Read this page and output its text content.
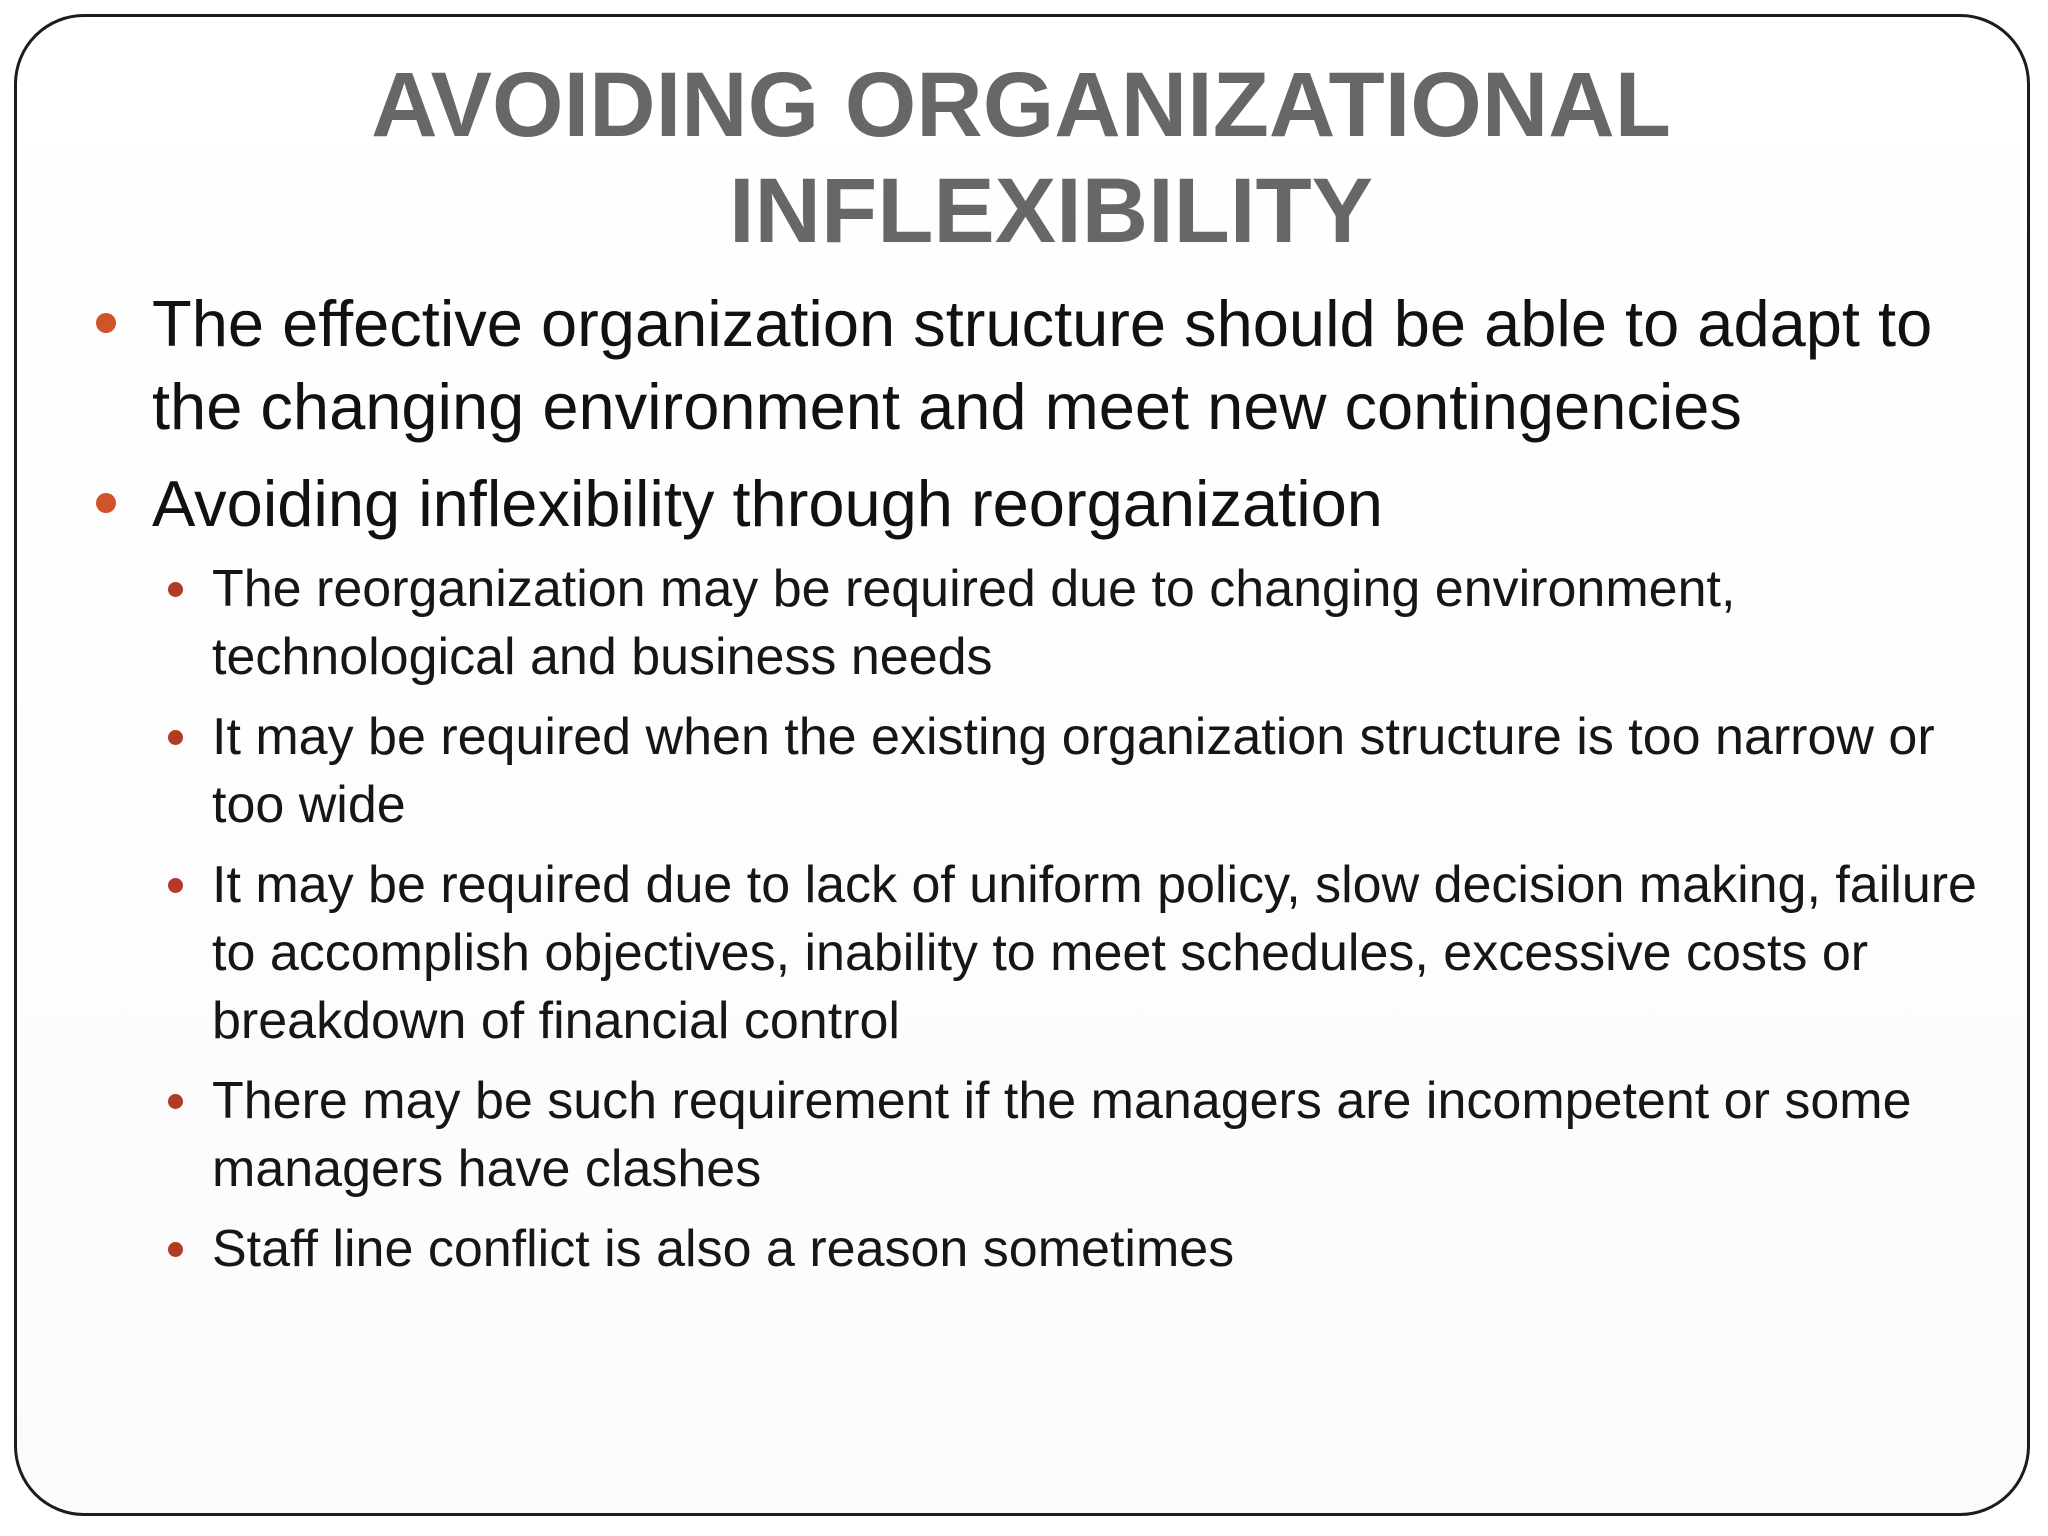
AVOIDING ORGANIZATIONAL
INFLEXIBILITY
The effective organization structure should be able to adapt to the changing environment and meet new contingencies
Avoiding inflexibility through reorganization
The reorganization may be required due to changing environment, technological and business needs
It may be required when the existing organization structure is too narrow or too wide
It may be required due to lack of uniform policy, slow decision making, failure to accomplish objectives, inability to meet schedules, excessive costs or breakdown of financial control
There may be such requirement if the managers are incompetent or some managers have clashes
Staff line conflict is also a reason sometimes
